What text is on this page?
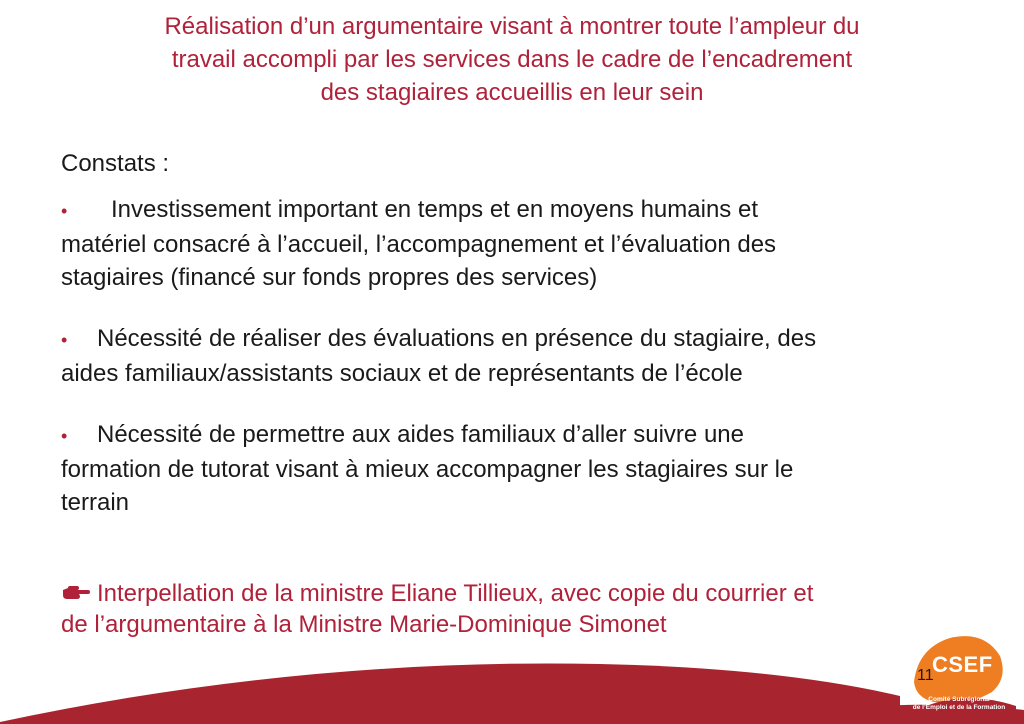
Réalisation d’un argumentaire visant à montrer toute l’ampleur du
travail accompli par les services dans le cadre de l’encadrement
des stagiaires accueillis en leur sein

Constats :

• Investissement important en temps et en moyens humains et
matériel consacré à l’accueil, l’accompagnement et l’évaluation des
stagiaires (financé sur fonds propres des services)

• Nécessité de réaliser des évaluations en présence du stagiaire, des
aides familiaux/assistants sociaux et de représentants de l’école

• Nécessité de permettre aux aides familiaux d’aller suivre une
formation de tutorat visant à mieux accompagner les stagiaires sur le
terrain

Interpellation de la ministre Eliane Tillieux, avec copie du courrier et
de l’argumentaire à la Ministre Marie-Dominique Simonet

CSEF
11
Comité Subrégional
de l’Emploi et de la Formation
